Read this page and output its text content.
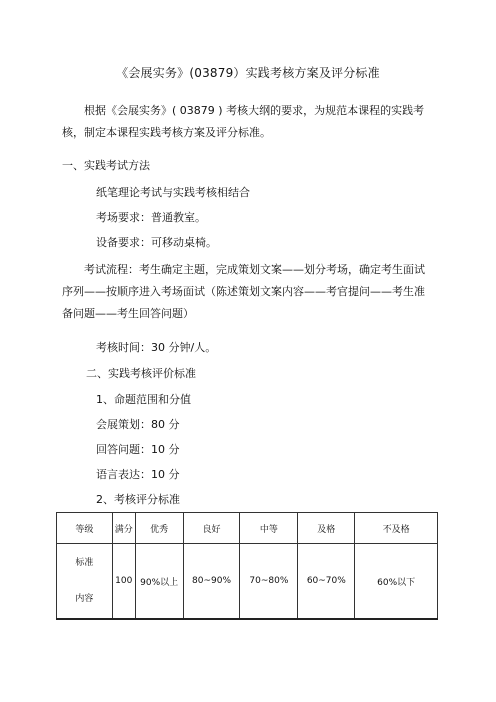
《会展实务》(03879）实践考核方案及评分标准
根据《会展实务》( 03879 ) 考核大纲的要求，为规范本课程的实践考核，制定本课程实践考核方案及评分标准。
一、实践考试方法
纸笔理论考试与实践考核相结合
考场要求：普通教室。
设备要求：可移动桌椅。
考试流程：考生确定主题，完成策划文案——划分考场，确定考生面试序列——按顺序进入考场面试（陈述策划文案内容——考官提问——考生准备问题——考生回答问题）
考核时间：30 分钟/人。
二、实践考核评价标准
1、命题范围和分值
会展策划：80 分
回答问题：10 分
语言表达：10 分
2、考核评分标准
等级	满分	优秀	良好	中等	及格	不及格

标准
内容	100	90%以上	80~90%	70~80%	60~70%	60%以下
